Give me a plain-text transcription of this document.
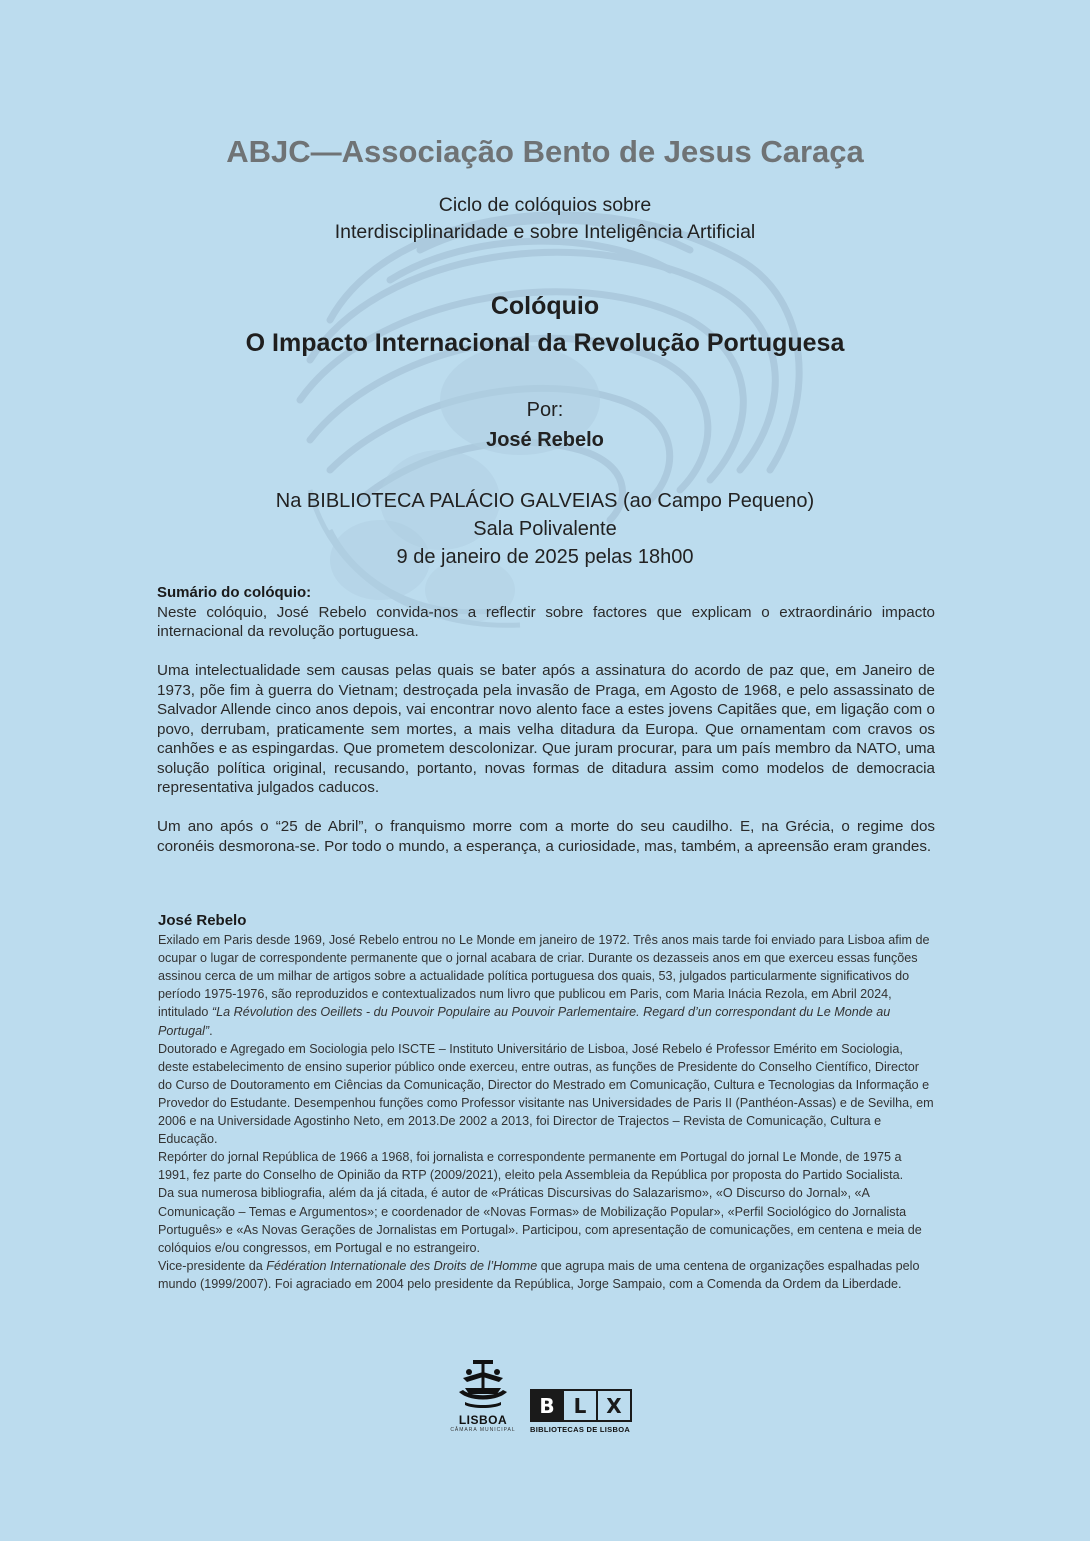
ABJC—Associação Bento de Jesus Caraça
Ciclo de colóquios sobre
Interdisciplinaridade e sobre Inteligência Artificial
Colóquio
O Impacto Internacional da Revolução Portuguesa
Por:
José Rebelo
Na BIBLIOTECA PALÁCIO GALVEIAS (ao Campo Pequeno)
Sala Polivalente
9 de janeiro de 2025 pelas 18h00
Sumário do colóquio:

Neste colóquio, José Rebelo convida-nos a reflectir sobre factores que explicam o extraordinário impacto internacional da revolução portuguesa.

Uma intelectualidade sem causas pelas quais se bater após a assinatura do acordo de paz que, em Janeiro de 1973, põe fim à guerra do Vietnam; destroçada pela invasão de Praga, em Agosto de 1968, e pelo assassinato de Salvador Allende cinco anos depois, vai encontrar novo alento face a estes jovens Capitães que, em ligação com o povo, derrubam, praticamente sem mortes, a mais velha ditadura da Europa. Que ornamentam com cravos os canhões e as espingardas. Que prometem descolonizar. Que juram procurar, para um país membro da NATO, uma solução política original, recusando, portanto, novas formas de ditadura assim como modelos de democracia representativa julgados caducos.

Um ano após o “25 de Abril”, o franquismo morre com a morte do seu caudilho. E, na Grécia, o regime dos coronéis desmorona-se. Por todo o mundo, a esperança, a curiosidade, mas, também, a apreensão eram grandes.

José Rebelo

Exilado em Paris desde 1969, José Rebelo entrou no Le Monde em janeiro de 1972. Três anos mais tarde foi enviado para Lisboa afim de ocupar o lugar de correspondente permanente que o jornal acabara de criar. Durante os dezasseis anos em que exerceu essas funções assinou cerca de um milhar de artigos sobre a actualidade política portuguesa dos quais, 53, julgados particularmente significativos do período 1975-1976, são reproduzidos e contextualizados num livro que publicou em Paris, com Maria Inácia Rezola, em Abril 2024, intitulado “La Révolution des Oeillets - du Pouvoir Populaire au Pouvoir Parlementaire. Regard d’un correspondant du Le Monde au Portugal”.

Doutorado e Agregado em Sociologia pelo ISCTE – Instituto Universitário de Lisboa, José Rebelo é Professor Emérito em Sociologia, deste estabelecimento de ensino superior público onde exerceu, entre outras, as funções de Presidente do Conselho Científico, Director do Curso de Doutoramento em Ciências da Comunicação, Director do Mestrado em Comunicação, Cultura e Tecnologias da Informação e Provedor do Estudante. Desempenhou funções como Professor visitante nas Universidades de Paris II (Panthéon-Assas) e de Sevilha, em 2006 e na Universidade Agostinho Neto, em 2013.De 2002 a 2013, foi Director de Trajectos – Revista de Comunicação, Cultura e Educação.

Repórter do jornal República de 1966 a 1968, foi jornalista e correspondente permanente em Portugal do jornal Le Monde, de 1975 a 1991, fez parte do Conselho de Opinião da RTP (2009/2021), eleito pela Assembleia da República por proposta do Partido Socialista.

Da sua numerosa bibliografia, além da já citada, é autor de «Práticas Discursivas do Salazarismo», «O Discurso do Jornal», «A Comunicação – Temas e Argumentos»; e coordenador de «Novas Formas» de Mobilização Popular», «Perfil Sociológico do Jornalista Português» e «As Novas Gerações de Jornalistas em Portugal». Participou, com apresentação de comunicações, em centena e meia de colóquios e/ou congressos, em Portugal e no estrangeiro.

Vice-presidente da Fédération Internationale des Droits de l’Homme que agrupa mais de uma centena de organizações espalhadas pelo mundo (1999/2007). Foi agraciado em 2004 pelo presidente da República, Jorge Sampaio, com a Comenda da Ordem da Liberdade.

LISBOA
CÂMARA MUNICIPAL
B L X
BIBLIOTECAS DE LISBOA
